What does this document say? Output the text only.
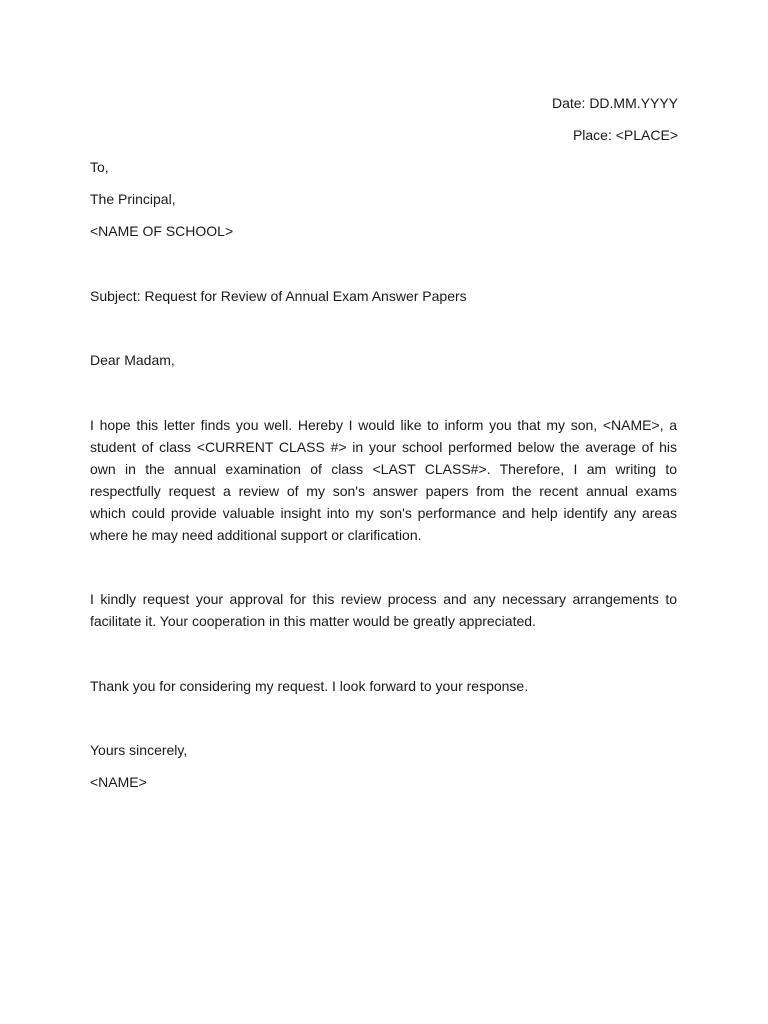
Date: DD.MM.YYYY
Place: <PLACE>
To,
The Principal,
<NAME OF SCHOOL>
Subject: Request for Review of Annual Exam Answer Papers
Dear Madam,
I hope this letter finds you well. Hereby I would like to inform you that my son, <NAME>, a
student of class <CURRENT CLASS #> in your school performed below the average of his
own in the annual examination of class <LAST CLASS#>. Therefore, I am writing to
respectfully request a review of my son's answer papers from the recent annual exams
which could provide valuable insight into my son's performance and help identify any areas
where he may need additional support or clarification.
I kindly request your approval for this review process and any necessary arrangements to
facilitate it. Your cooperation in this matter would be greatly appreciated.
Thank you for considering my request. I look forward to your response.
Yours sincerely,
<NAME>
